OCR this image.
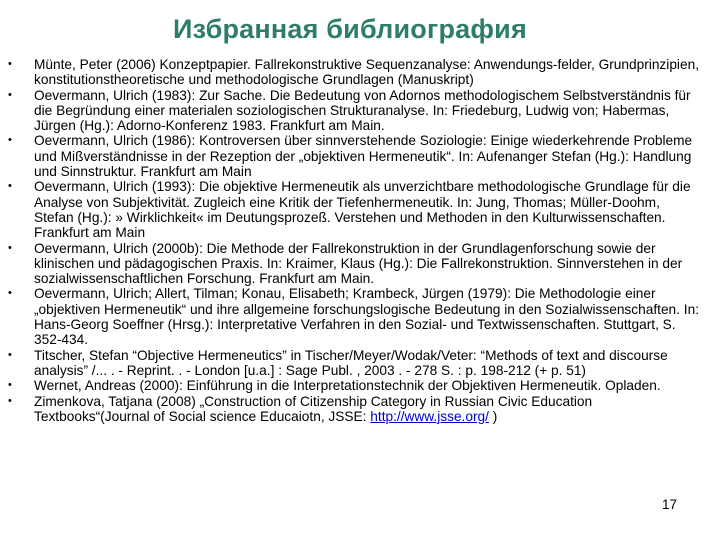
Избранная библиография
•	Münte, Peter (2006) Konzeptpapier. Fallrekonstruktive Sequenzanalyse: Anwendungs-felder, Grundprinzipien, konstitutionstheoretische und methodologische Grundlagen (Manuskript)
•	Oevermann, Ulrich (1983): Zur Sache. Die Bedeutung von Adornos methodologischem Selbstverständnis für die Begründung einer materialen soziologischen Strukturanalyse. In: Friedeburg, Ludwig von; Habermas, Jürgen (Hg.): Adorno-Konferenz 1983. Frankfurt am Main.
•	Oevermann, Ulrich (1986): Kontroversen über sinnverstehende Soziologie: Einige wiederkehrende Probleme und Mißverständnisse in der Rezeption der „objektiven Hermeneutik“. In: Aufenanger Stefan (Hg.): Handlung und Sinnstruktur. Frankfurt am Main
•	Oevermann, Ulrich (1993): Die objektive Hermeneutik als unverzichtbare methodologische Grundlage für die Analyse von Subjektivität. Zugleich eine Kritik der Tiefenhermeneutik. In: Jung, Thomas; Müller-Doohm, Stefan (Hg.): » Wirklichkeit« im Deutungsprozeß. Verstehen und Methoden in den Kulturwissenschaften. Frankfurt am Main
•	Oevermann, Ulrich (2000b): Die Methode der Fallrekonstruktion in der Grundlagenforschung sowie der klinischen und pädagogischen Praxis. In: Kraimer, Klaus (Hg.): Die Fallrekonstruktion. Sinnverstehen in der sozialwissenschaftlichen Forschung. Frankfurt am Main.
•	Oevermann, Ulrich; Allert, Tilman; Konau, Elisabeth; Krambeck, Jürgen (1979): Die Methodologie einer „objektiven Hermeneutik“ und ihre allgemeine forschungslogische Bedeutung in den Sozialwissenschaften. In: Hans-Georg Soeffner (Hrsg.): Interpretative Verfahren in den Sozial- und Textwissenschaften. Stuttgart, S. 352-434.
•	Titscher, Stefan “Objective Hermeneutics” in Tischer/Meyer/Wodak/Veter: “Methods of text and discourse analysis” /... . - Reprint. . - London [u.a.] : Sage Publ. , 2003 . - 278 S. : p. 198-212 (+ p. 51)
•	Wernet, Andreas (2000): Einführung in die Interpretationstechnik der Objektiven Hermeneutik. Opladen.
•	Zimenkova, Tatjana (2008) „Construction of Citizenship Category in Russian Civic Education Textbooks“(Journal of Social science Educaiotn, JSSE: http://www.jsse.org/ )
17
